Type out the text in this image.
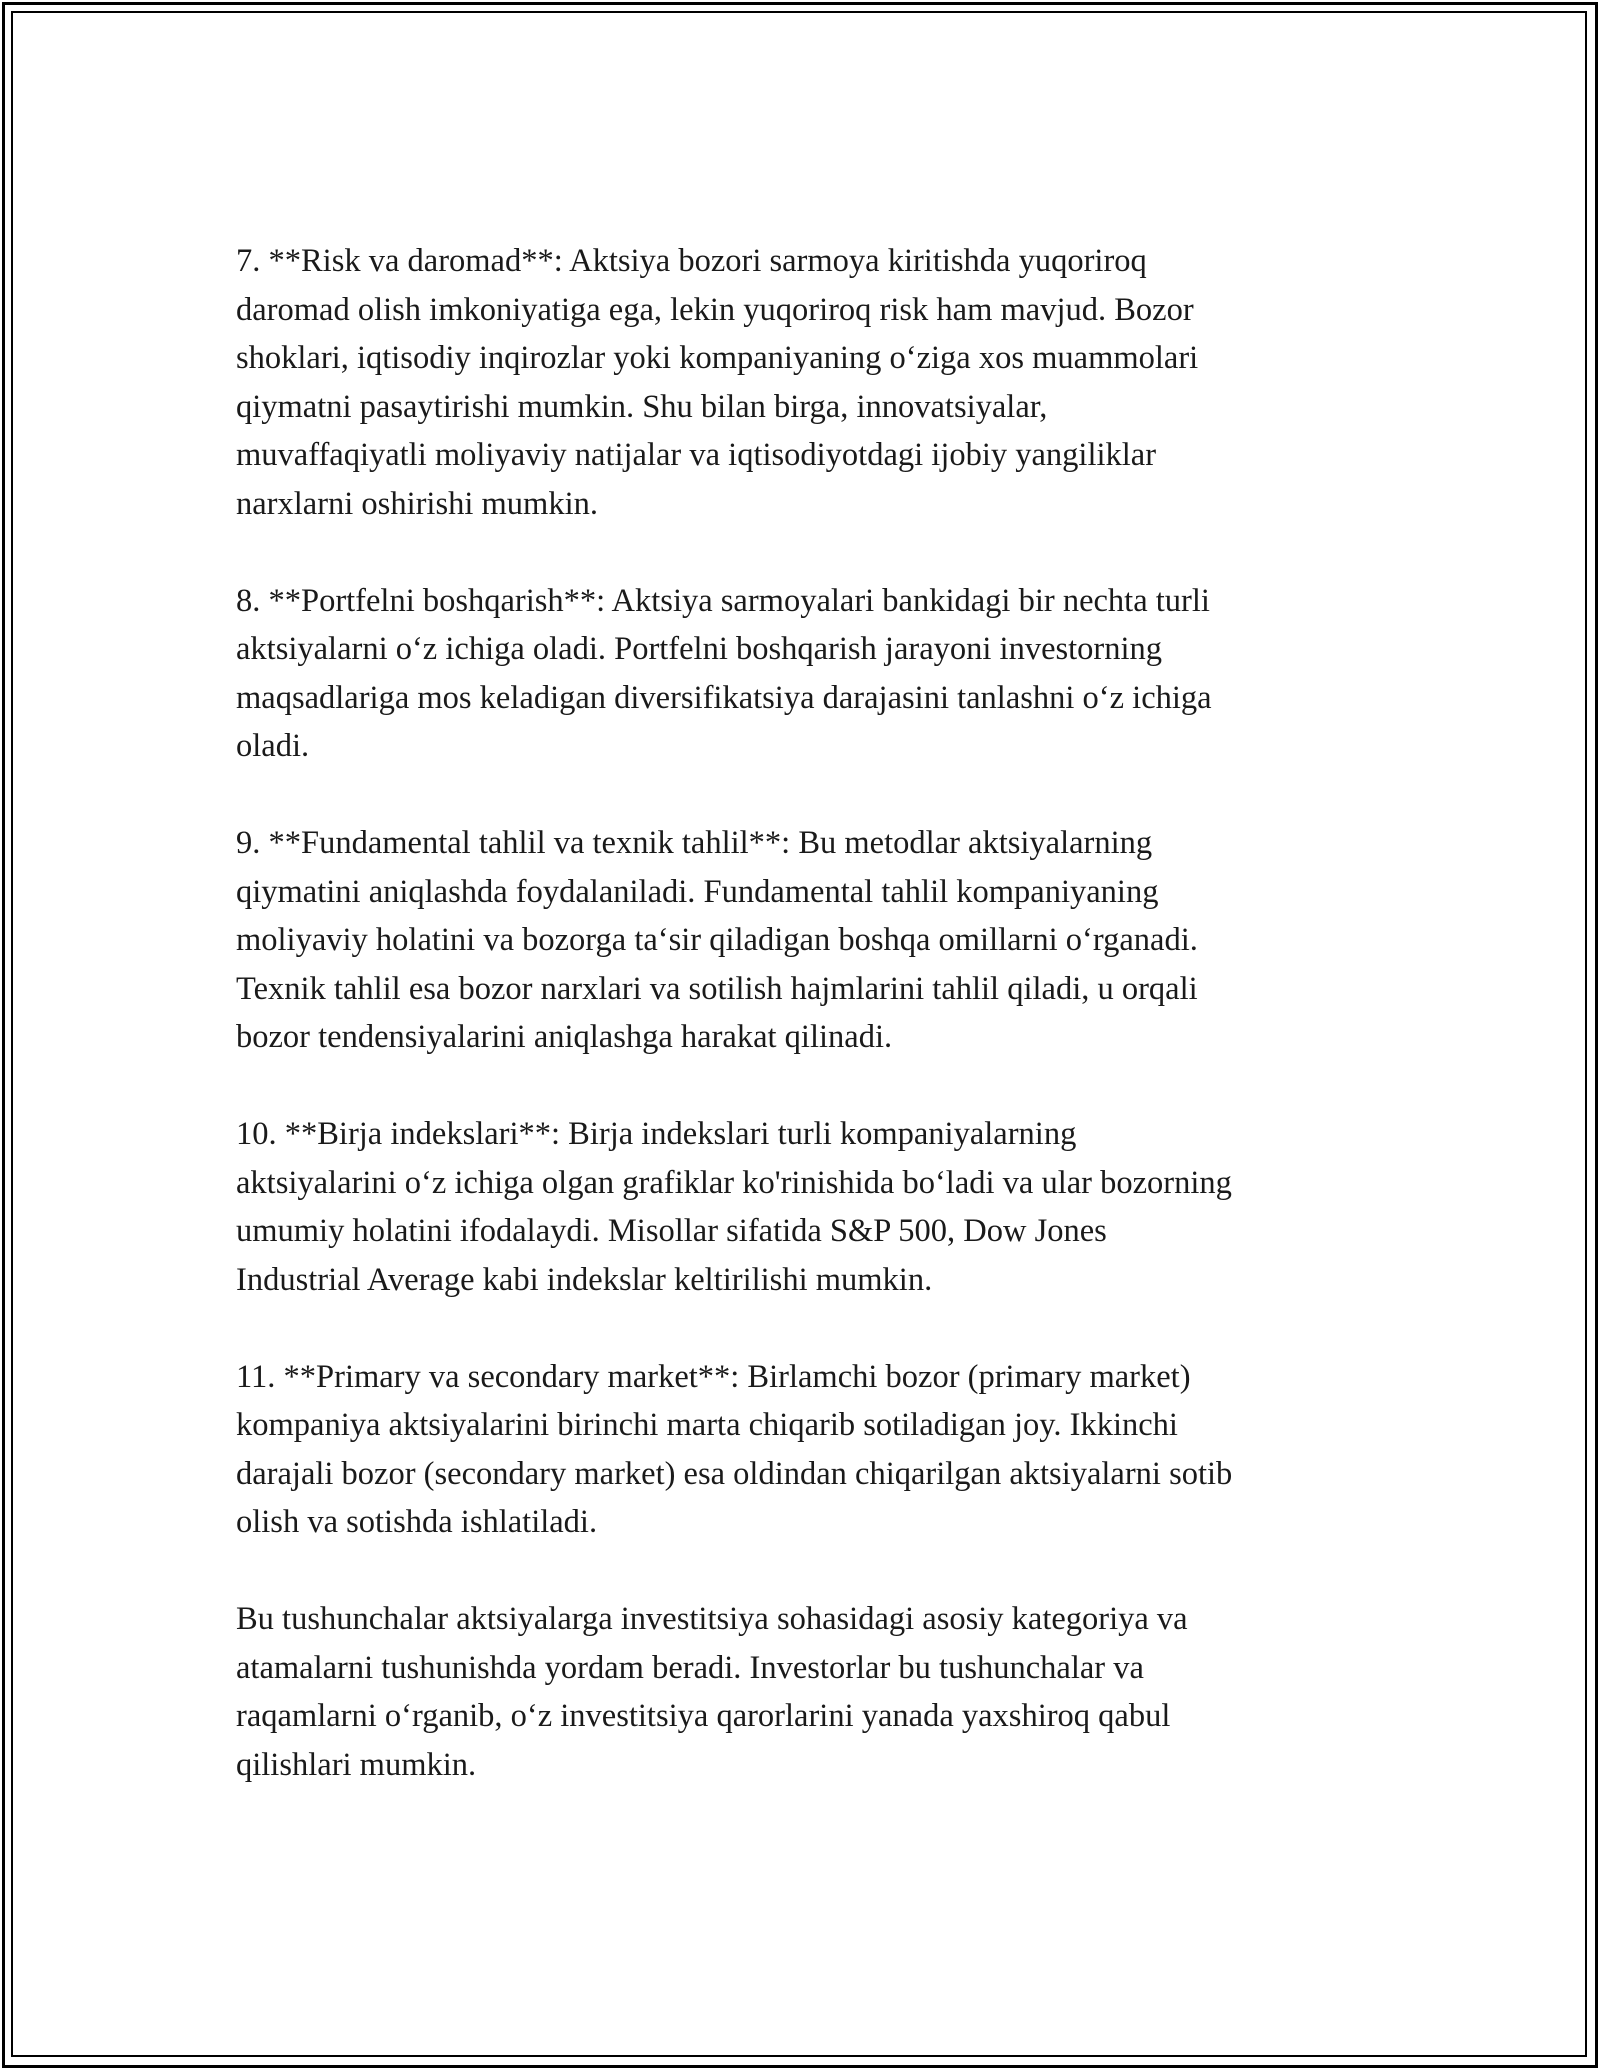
7. **Risk va daromad**: Aktsiya bozori sarmoya kiritishda yuqoriroq
daromad olish imkoniyatiga ega, lekin yuqoriroq risk ham mavjud. Bozor
shoklari, iqtisodiy inqirozlar yoki kompaniyaning o‘ziga xos muammolari
qiymatni pasaytirishi mumkin. Shu bilan birga, innovatsiyalar,
muvaffaqiyatli moliyaviy natijalar va iqtisodiyotdagi ijobiy yangiliklar
narxlarni oshirishi mumkin.

8. **Portfelni boshqarish**: Aktsiya sarmoyalari bankidagi bir nechta turli
aktsiyalarni o‘z ichiga oladi. Portfelni boshqarish jarayoni investorning
maqsadlariga mos keladigan diversifikatsiya darajasini tanlashni o‘z ichiga
oladi.

9. **Fundamental tahlil va texnik tahlil**: Bu metodlar aktsiyalarning
qiymatini aniqlashda foydalaniladi. Fundamental tahlil kompaniyaning
moliyaviy holatini va bozorga ta‘sir qiladigan boshqa omillarni o‘rganadi.
Texnik tahlil esa bozor narxlari va sotilish hajmlarini tahlil qiladi, u orqali
bozor tendensiyalarini aniqlashga harakat qilinadi.

10. **Birja indekslari**: Birja indekslari turli kompaniyalarning
aktsiyalarini o‘z ichiga olgan grafiklar ko'rinishida bo‘ladi va ular bozorning
umumiy holatini ifodalaydi. Misollar sifatida S&P 500, Dow Jones
Industrial Average kabi indekslar keltirilishi mumkin.

11. **Primary va secondary market**: Birlamchi bozor (primary market)
kompaniya aktsiyalarini birinchi marta chiqarib sotiladigan joy. Ikkinchi
darajali bozor (secondary market) esa oldindan chiqarilgan aktsiyalarni sotib
olish va sotishda ishlatiladi.

Bu tushunchalar aktsiyalarga investitsiya sohasidagi asosiy kategoriya va
atamalarni tushunishda yordam beradi. Investorlar bu tushunchalar va
raqamlarni o‘rganib, o‘z investitsiya qarorlarini yanada yaxshiroq qabul
qilishlari mumkin.
